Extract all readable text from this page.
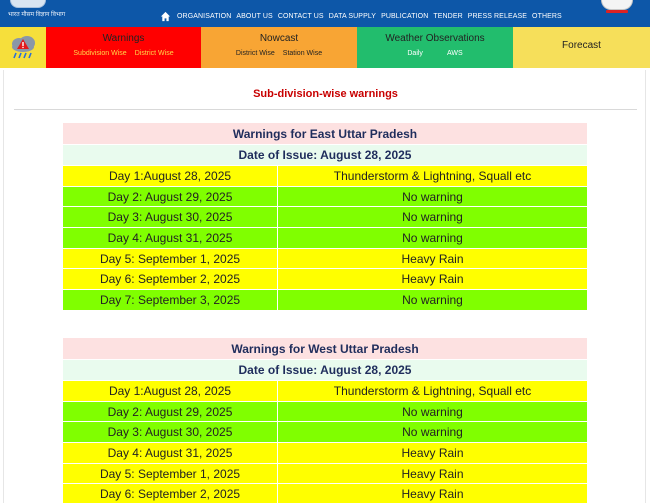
भारत मौसम विज्ञान विभाग	ORGANISATION ABOUT US CONTACT US DATA SUPPLY PUBLICATION TENDER PRESS RELEASE OTHERS
Warnings
Subdivision Wise District Wise
Nowcast
District Wise Station Wise
Weather Observations
Daily	AWS
Forecast
Sub-division-wise warnings
Warnings for East Uttar Pradesh	
Date of Issue: August 28, 2025	
Day 1:August 28, 2025	Thunderstorm & Lightning, Squall etc
Day 2: August 29, 2025	No warning
Day 3: August 30, 2025	No warning
Day 4: August 31, 2025	No warning
Day 5: September 1, 2025	Heavy Rain
Day 6: September 2, 2025	Heavy Rain
Day 7: September 3, 2025	No warning
Warnings for West Uttar Pradesh	
Date of Issue: August 28, 2025	
Day 1:August 28, 2025	Thunderstorm & Lightning, Squall etc
Day 2: August 29, 2025	No warning
Day 3: August 30, 2025	No warning
Day 4: August 31, 2025	Heavy Rain
Day 5: September 1, 2025	Heavy Rain
Day 6: September 2, 2025	Heavy Rain
